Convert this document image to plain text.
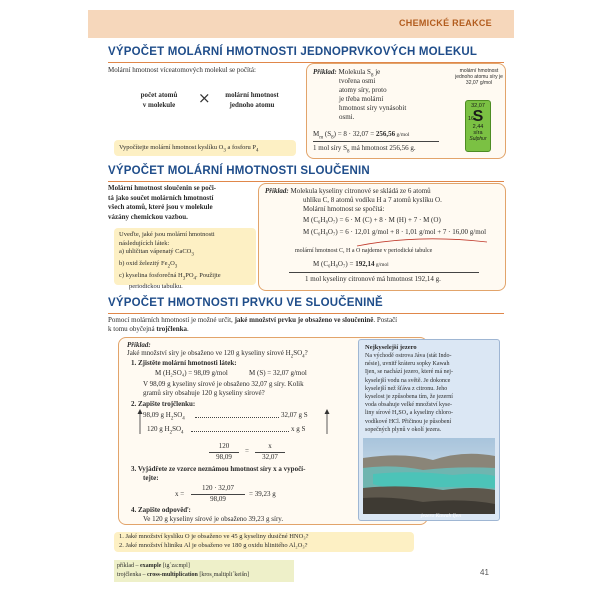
CHEMICKÉ REAKCE
VÝPOČET MOLÁRNÍ HMOTNOSTI JEDNOPRVKOVÝCH MOLEKUL
Molární hmotnost víceatomových molekul se počítá:
počet atomů
v molekule	×	molární hmotnost
jednoho atomu
Vypočítejte molární hmotnost kyslíku $O_3$ a fosforu $P_4$
Příklad: Molekula $S_8$ je
tvořena osmi
atomy síry, proto
je třeba molární
hmotnost síry vynásobit
osmi.
$M_m$ $(S_8) = 8 \cdot 32,07 = 256,56$ g/mol
1 mol síry $S_8$ má hmotnost 256,56 g.
molární hmotnost
jednoho atomu síry je
32,07 g/mol
32,07
16
S
2,44
síra
Sulphur
VÝPOČET MOLÁRNÍ HMOTNOSTI SLOUČENIN
Molární hmotnost sloučenin se poči-
tá jako součet molárních hmotností
všech atomů, které jsou v molekule
vázány chemickou vazbou.
Uveďte, jaké jsou molární hmotnosti
následujících látek:
a) uhličitan vápenatý CaCO$_3$
b) oxid železitý $Fe_2O_3$
c) kyselina fosforečná $H_3PO_4$. Použijte
periodickou tabulku.
Příklad: Molekula kyseliny citronové se skládá ze 6 atomů
uhlíku C, 8 atomů vodíku H a 7 atomů kyslíku O.
Molární hmotnost se spočítá:
M (C₆H₈O₇) = 6 · M (C) + 8 · M (H) + 7 · M (O)
M (C₆H₈O₇) = 6 · 12,01 g/mol + 8 · 1,01 g/mol + 7 · 16,00 g/mol
molární hmotnost C, H a O najdeme v periodické tabulce
M (C₆H₈O₇) = 192,14 g/mol
1 mol kyseliny citronové má hmotnost 192,14 g.
VÝPOČET HMOTNOSTI PRVKU VE SLOUČENINĚ
Pomocí molárních hmotností je možné určit, jaké množství prvku je obsaženo ve sloučenině. Postačí
k tomu obyčejná trojčlenka.
Příklad:
Jaké množství síry je obsaženo ve 120 g kyseliny sírové $H_2SO_4$?
1. Zjistěte molární hmotnosti látek:
M (H₂SO₄) = 98,09 g/mol	M (S) = 32,07 g/mol
V 98,09 g kyseliny sírové je obsaženo 32,07 g síry. Kolik
gramů síry obsahuje 120 g kyseliny sírové?
2. Zapište trojčlenku:
98,09 g $H_2SO_4$	32,07 g S
120 g $H_2SO_4$	x g S
120
98,09
=
x
32,07
3. Vyjádřete ze vzorce neznámou hmotnost síry x a vypočí-
tejte:
x =
120 · 32,07
98,09
= 39,23 g
4. Zapište odpověď:
Ve 120 g kyseliny sírové je obsaženo 39,23 g síry.
Nejkyselejší jezero
Na východě ostrova Jáva (stát Indo-
nésie), uvnitř kráteru sopky Kawah
Ijen, se nachází jezero, které má nej-
kyselejší vodu na světě. Je dokonce
kyselejší než šťáva z citronu. Jeho
kyselost je způsobena tím, že jezerní
voda obsahuje velké množství kyse-
liny sírové H₂SO₄ a kyseliny chloro-
vodíkové HCl. Přičinou je působení
sopečných plynů v okolí jezera.
jezero Kawah Ijen
1. Jaké množství kyslíku O je obsaženo ve 45 g kyseliny dusičné HNO₃?
2. Jaké množství hliníku Al je obsaženo ve 180 g oxidu hlinitého Al₂O₃?
příklad – example [ig´za:mpl]
trojčlenka – cross-multiplication [kros¸maltipli´keišn]	41
